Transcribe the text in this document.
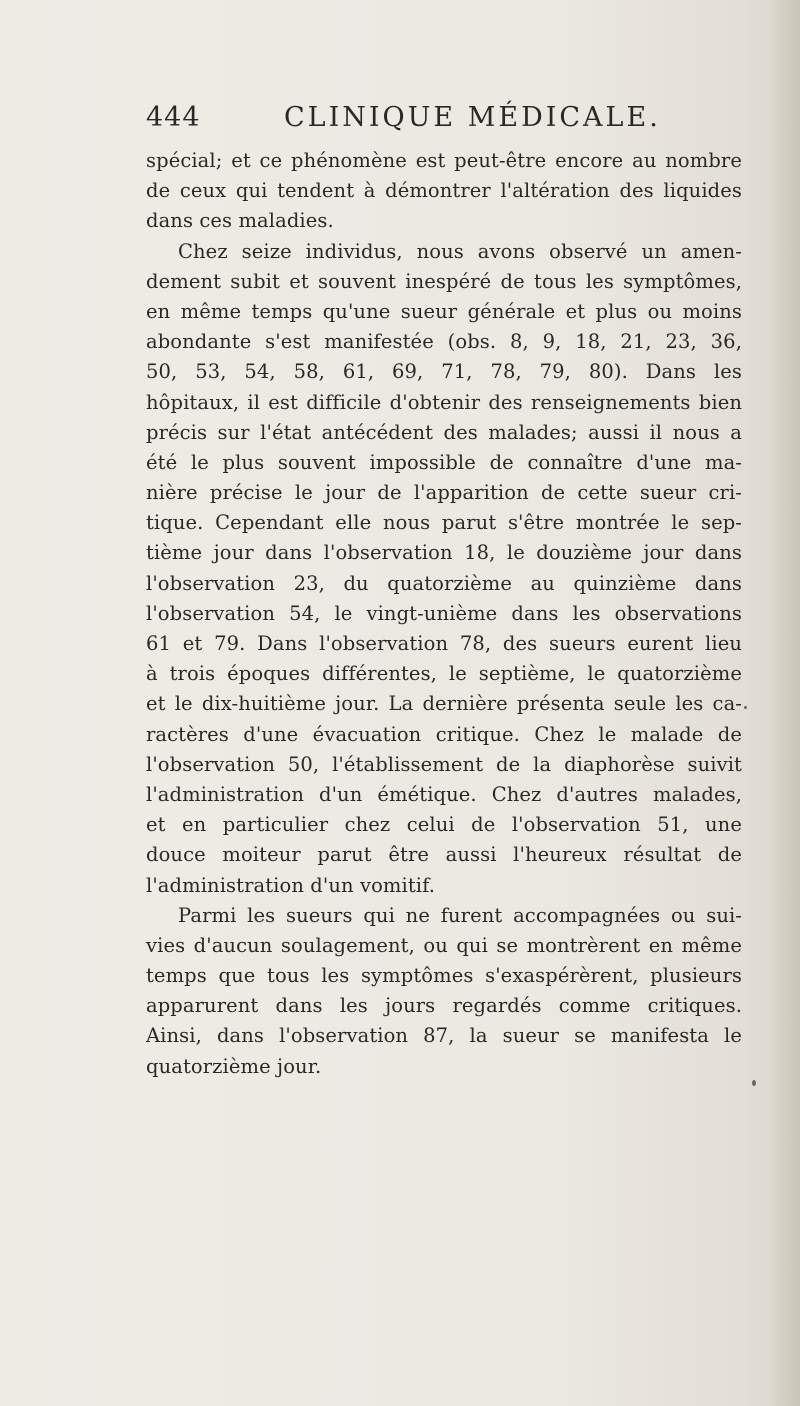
444	CLINIQUE MÉDICALE.
spécial; et ce phénomène est peut-être encore au nombre
de ceux qui tendent à démontrer l'altération des liquides
dans ces maladies.
Chez seize individus, nous avons observé un amen-
dement subit et souvent inespéré de tous les symptômes,
en même temps qu'une sueur générale et plus ou moins
abondante s'est manifestée (obs. 8, 9, 18, 21, 23, 36,
50, 53, 54, 58, 61, 69, 71, 78, 79, 80). Dans les
hôpitaux, il est difficile d'obtenir des renseignements bien
précis sur l'état antécédent des malades; aussi il nous a
été le plus souvent impossible de connaître d'une ma-
nière précise le jour de l'apparition de cette sueur cri-
tique. Cependant elle nous parut s'être montrée le sep-
tième jour dans l'observation 18, le douzième jour dans
l'observation 23, du quatorzième au quinzième dans
l'observation 54, le vingt-unième dans les observations
61 et 79. Dans l'observation 78, des sueurs eurent lieu
à trois époques différentes, le septième, le quatorzième
et le dix-huitième jour. La dernière présenta seule les ca-
ractères d'une évacuation critique. Chez le malade de
l'observation 50, l'établissement de la diaphorèse suivit
l'administration d'un émétique. Chez d'autres malades,
et en particulier chez celui de l'observation 51, une
douce moiteur parut être aussi l'heureux résultat de
l'administration d'un vomitif.
Parmi les sueurs qui ne furent accompagnées ou sui-
vies d'aucun soulagement, ou qui se montrèrent en même
temps que tous les symptômes s'exaspérèrent, plusieurs
apparurent dans les jours regardés comme critiques.
Ainsi, dans l'observation 87, la sueur se manifesta le
quatorzième jour.
